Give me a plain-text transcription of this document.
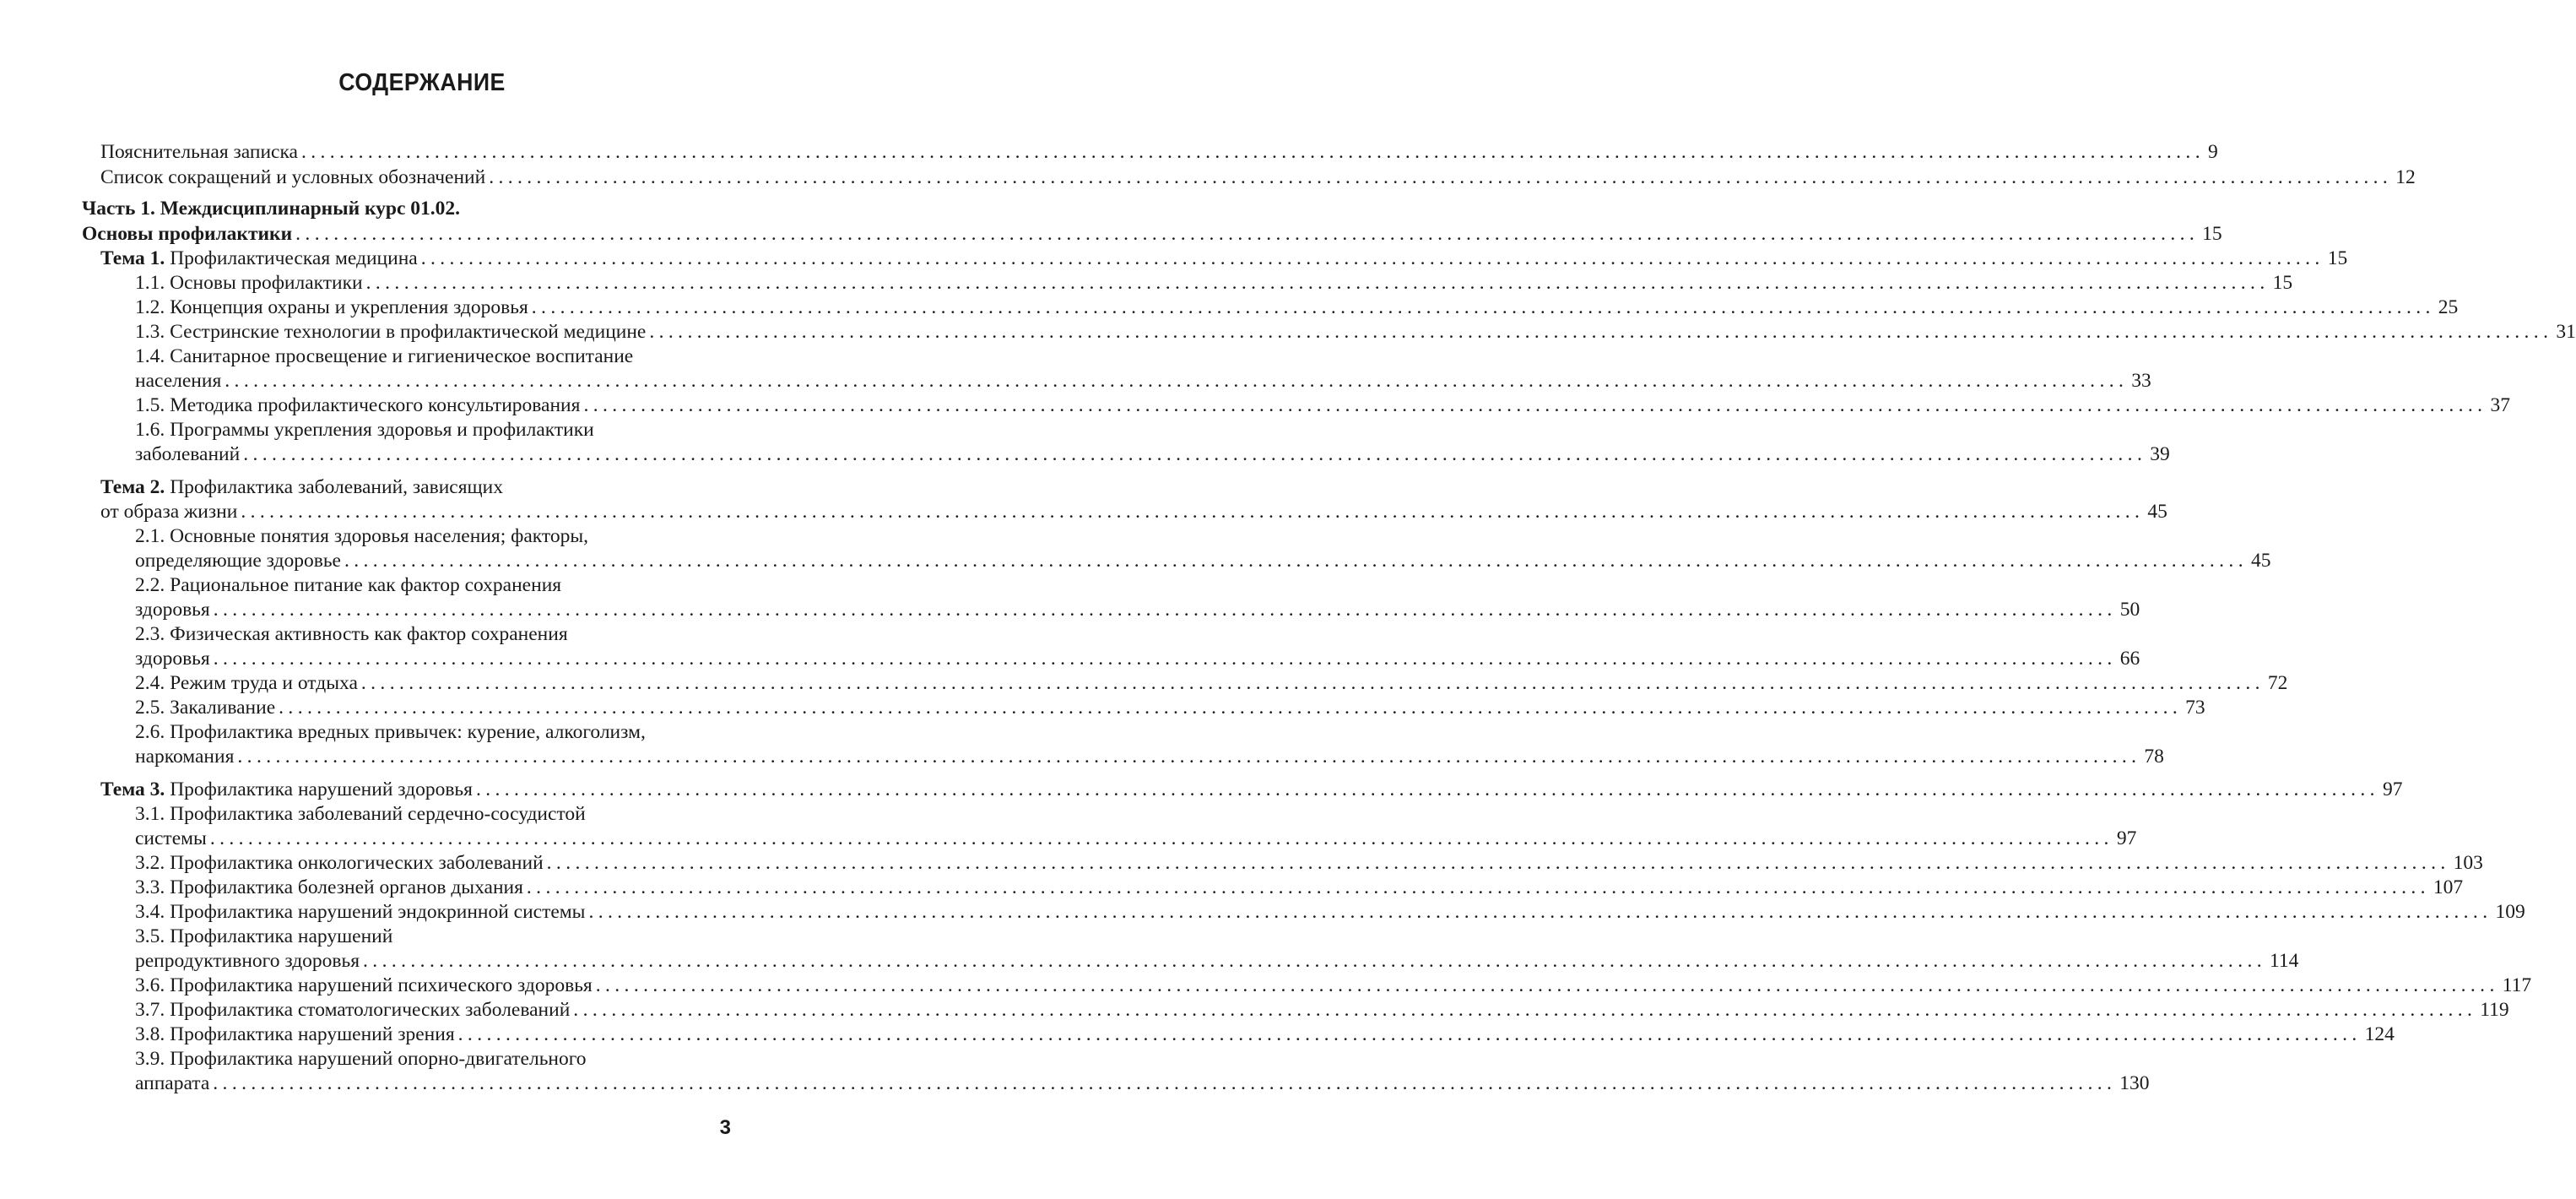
СОДЕРЖАНИЕ
Пояснительная записка ........................................................................................................................................................................................................ 9
Список сокращений и условных обозначений ........................................................................................................................................................................................................ 12
Часть 1. Междисциплинарный курс 01.02.
Основы профилактики ........................................................................................................................................................................................................ 15
Тема 1. Профилактическая медицина ........................................................................................................................................................................................................ 15
1.1. Основы профилактики ........................................................................................................................................................................................................ 15
1.2. Концепция охраны и укрепления здоровья ........................................................................................................................................................................................................ 25
1.3. Сестринские технологии в профилактической медицине ........................................................................................................................................................................................................ 31
1.4. Санитарное просвещение и гигиеническое воспитание
населения ........................................................................................................................................................................................................ 33
1.5. Методика профилактического консультирования ........................................................................................................................................................................................................ 37
1.6. Программы укрепления здоровья и профилактики
заболеваний ........................................................................................................................................................................................................ 39
Тема 2. Профилактика заболеваний, зависящих
от образа жизни ........................................................................................................................................................................................................ 45
2.1. Основные понятия здоровья населения; факторы,
определяющие здоровье ........................................................................................................................................................................................................ 45
2.2. Рациональное питание как фактор сохранения
здоровья ........................................................................................................................................................................................................ 50
2.3. Физическая активность как фактор сохранения
здоровья ........................................................................................................................................................................................................ 66
2.4. Режим труда и отдыха ........................................................................................................................................................................................................ 72
2.5. Закаливание ........................................................................................................................................................................................................ 73
2.6. Профилактика вредных привычек: курение, алкоголизм,
наркомания ........................................................................................................................................................................................................ 78
Тема 3. Профилактика нарушений здоровья ........................................................................................................................................................................................................ 97
3.1. Профилактика заболеваний сердечно-сосудистой
системы ........................................................................................................................................................................................................ 97
3.2. Профилактика онкологических заболеваний ........................................................................................................................................................................................................ 103
3.3. Профилактика болезней органов дыхания ........................................................................................................................................................................................................ 107
3.4. Профилактика нарушений эндокринной системы ........................................................................................................................................................................................................ 109
3.5. Профилактика нарушений
репродуктивного здоровья ........................................................................................................................................................................................................ 114
3.6. Профилактика нарушений психического здоровья ........................................................................................................................................................................................................ 117
3.7. Профилактика стоматологических заболеваний ........................................................................................................................................................................................................ 119
3.8. Профилактика нарушений зрения ........................................................................................................................................................................................................ 124
3.9. Профилактика нарушений опорно-двигательного
аппарата ........................................................................................................................................................................................................ 130
3
